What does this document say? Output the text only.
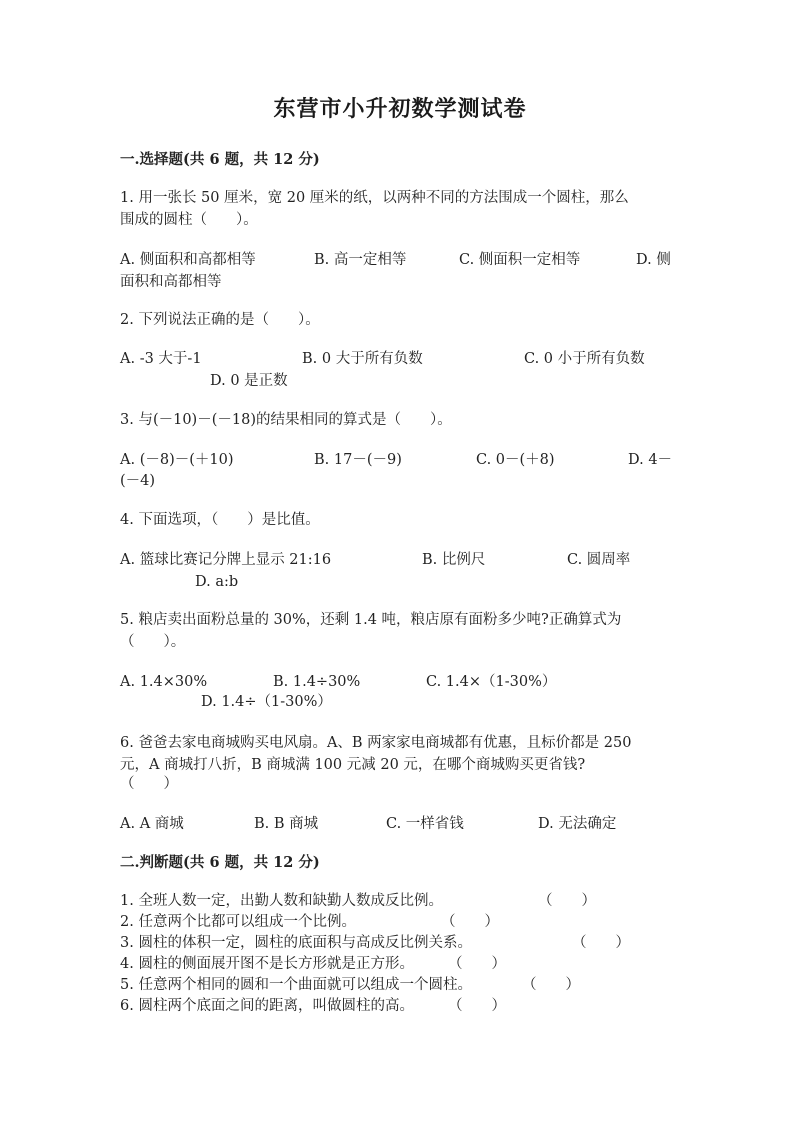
东营市小升初数学测试卷
一.选择题(共 6 题，共 12 分)
1. 用一张长 50 厘米，宽 20 厘米的纸，以两种不同的方法围成一个圆柱，那么
围成的圆柱（　　）。
A. 侧面积和高都相等	B. 高一定相等	C. 侧面积一定相等	D. 侧
面积和高都相等
2. 下列说法正确的是（　　）。
A. -3 大于-1	B. 0 大于所有负数	C. 0 小于所有负数
D. 0 是正数
3. 与(－10)－(－18)的结果相同的算式是（　　）。
A. (－8)－(＋10)	B. 17－(－9)	C. 0－(＋8)	D. 4－
(－4)
4. 下面选项，（　　）是比值。
A. 篮球比赛记分牌上显示 21:16	B. 比例尺	C. 圆周率
D. a:b
5. 粮店卖出面粉总量的 30%，还剩 1.4 吨，粮店原有面粉多少吨?正确算式为
（　　）。
A. 1.4×30%	B. 1.4÷30%	C. 1.4×（1-30%）
D. 1.4÷（1-30%）
6. 爸爸去家电商城购买电风扇。A、B 两家家电商城都有优惠，且标价都是 250
元，A 商城打八折，B 商城满 100 元减 20 元，在哪个商城购买更省钱?
（　　）
A. A 商城	B. B 商城	C. 一样省钱	D. 无法确定
二.判断题(共 6 题，共 12 分)
1. 全班人数一定，出勤人数和缺勤人数成反比例。	（　　）
2. 任意两个比都可以组成一个比例。	（　　）
3. 圆柱的体积一定，圆柱的底面积与高成反比例关系。	（　　）
4. 圆柱的侧面展开图不是长方形就是正方形。 （　　）
5. 任意两个相同的圆和一个曲面就可以组成一个圆柱。	（　　）
6. 圆柱两个底面之间的距离，叫做圆柱的高。 （　　）
